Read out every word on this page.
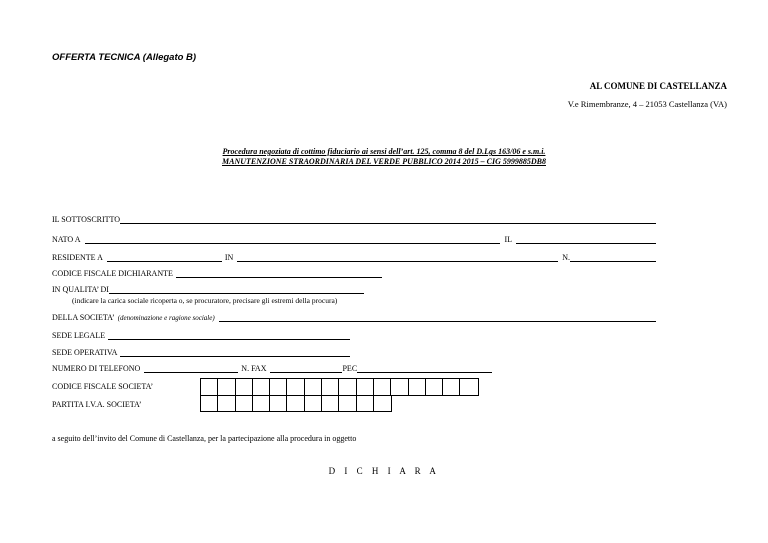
OFFERTA TECNICA (Allegato B)
AL COMUNE DI CASTELLANZA
V.e Rimembranze, 4 – 21053 Castellanza (VA)
Procedura negoziata di cottimo fiduciario ai sensi dell’art. 125, comma 8 del D.Lgs 163/06 e s.m.i.
MANUTENZIONE STRAORDINARIA DEL VERDE PUBBLICO 2014 2015 – CIG 5999885DB8
IL SOTTOSCRITTO
NATO A	IL
RESIDENTE A	IN	N.
CODICE FISCALE DICHIARANTE
IN QUALITA’ DI
(indicare la carica sociale ricoperta o, se procuratore, precisare gli estremi della procura)
DELLA SOCIETA’ (denominazione e ragione sociale)
SEDE LEGALE
SEDE OPERATIVA
NUMERO DI TELEFONO	N. FAX	PEC
CODICE FISCALE SOCIETA’
PARTITA I.V.A. SOCIETA’
a seguito dell’invito del Comune di Castellanza, per la partecipazione alla procedura in oggetto
D I C H I A R A
